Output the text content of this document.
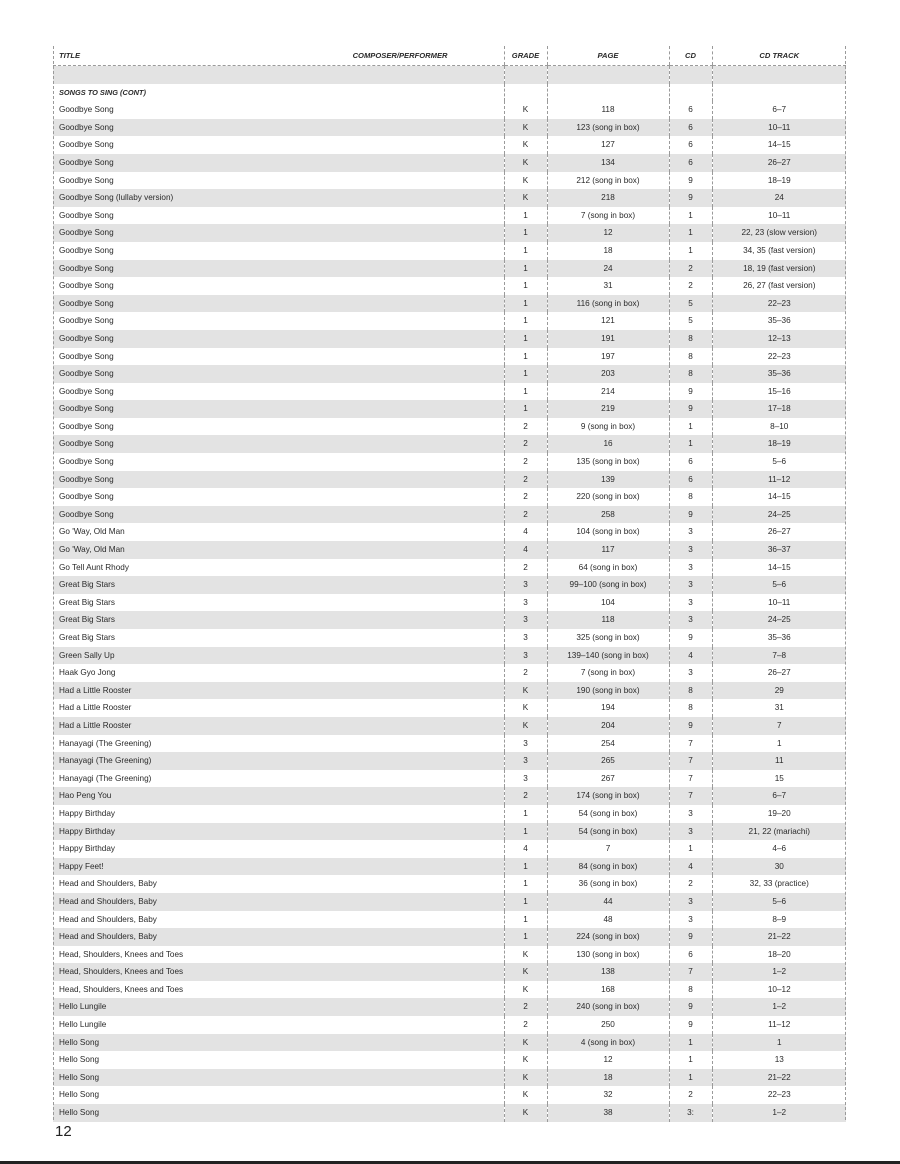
TITLE COMPOSER/PERFORMER	GRADE	PAGE	CD	CD TRACK

SONGS TO SING (CONT)				
Goodbye Song	K	118	6	6–7
Goodbye Song	K	123 (song in box)	6	10–11
Goodbye Song	K	127	6	14–15
Goodbye Song	K	134	6	26–27
Goodbye Song	K	212 (song in box)	9	18–19
Goodbye Song (lullaby version)	K	218	9	24
Goodbye Song	1	7 (song in box)	1	10–11
Goodbye Song	1	12	1	22, 23 (slow version)
Goodbye Song	1	18	1	34, 35 (fast version)
Goodbye Song	1	24	2	18, 19 (fast version)
Goodbye Song	1	31	2	26, 27 (fast version)
Goodbye Song	1	116 (song in box)	5	22–23
Goodbye Song	1	121	5	35–36
Goodbye Song	1	191	8	12–13
Goodbye Song	1	197	8	22–23
Goodbye Song	1	203	8	35–36
Goodbye Song	1	214	9	15–16
Goodbye Song	1	219	9	17–18
Goodbye Song	2	9 (song in box)	1	8–10
Goodbye Song	2	16	1	18–19
Goodbye Song	2	135 (song in box)	6	5–6
Goodbye Song	2	139	6	11–12
Goodbye Song	2	220 (song in box)	8	14–15
Goodbye Song	2	258	9	24–25
Go 'Way, Old Man	4	104 (song in box)	3	26–27
Go 'Way, Old Man	4	117	3	36–37
Go Tell Aunt Rhody	2	64 (song in box)	3	14–15
Great Big Stars	3	99–100 (song in box)	3	5–6
Great Big Stars	3	104	3	10–11
Great Big Stars	3	118	3	24–25
Great Big Stars	3	325 (song in box)	9	35–36
Green Sally Up	3	139–140 (song in box)	4	7–8
Haak Gyo Jong	2	7 (song in box)	3	26–27
Had a Little Rooster	K	190 (song in box)	8	29
Had a Little Rooster	K	194	8	31
Had a Little Rooster	K	204	9	7
Hanayagi (The Greening)	3	254	7	1
Hanayagi (The Greening)	3	265	7	11
Hanayagi (The Greening)	3	267	7	15
Hao Peng You	2	174 (song in box)	7	6–7
Happy Birthday	1	54 (song in box)	3	19–20
Happy Birthday	1	54 (song in box)	3	21, 22 (mariachi)
Happy Birthday	4	7	1	4–6
Happy Feet!	1	84 (song in box)	4	30
Head and Shoulders, Baby	1	36 (song in box)	2	32, 33 (practice)
Head and Shoulders, Baby	1	44	3	5–6
Head and Shoulders, Baby	1	48	3	8–9
Head and Shoulders, Baby	1	224 (song in box)	9	21–22
Head, Shoulders, Knees and Toes	K	130 (song in box)	6	18–20
Head, Shoulders, Knees and Toes	K	138	7	1–2
Head, Shoulders, Knees and Toes	K	168	8	10–12
Hello Lungile	2	240 (song in box)	9	1–2
Hello Lungile	2	250	9	11–12
Hello Song	K	4 (song in box)	1	1
Hello Song	K	12	1	13
Hello Song	K	18	1	21–22
Hello Song	K	32	2	22–23
Hello Song	K	38	3:	1–2
12
